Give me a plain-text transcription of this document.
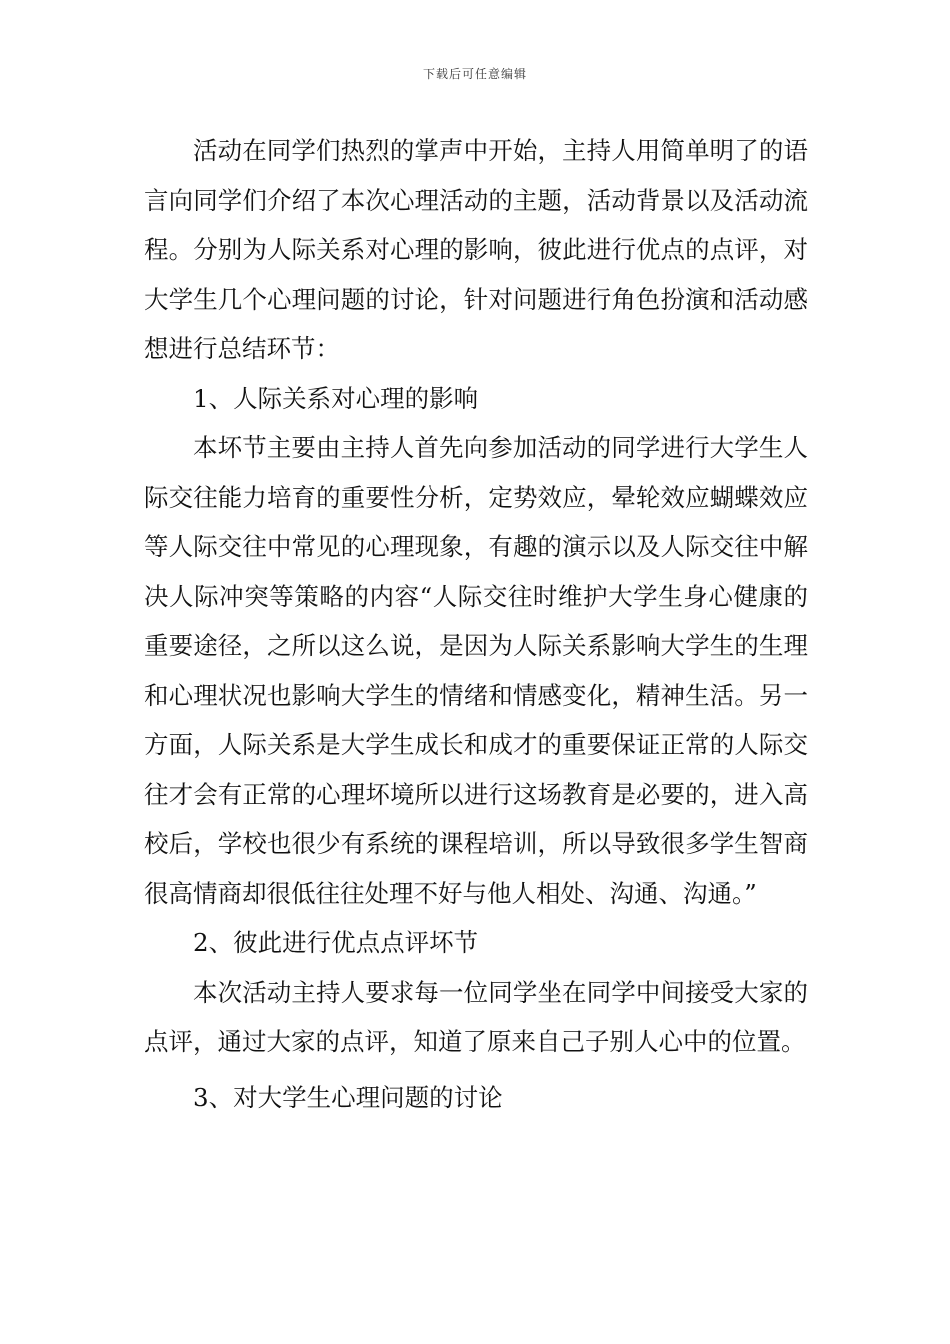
下载后可任意编辑

活动在同学们热烈的掌声中开始，主持人用简单明了的语言向同学们介绍了本次心理活动的主题，活动背景以及活动流程。分别为人际关系对心理的影响，彼此进行优点的点评，对大学生几个心理问题的讨论，针对问题进行角色扮演和活动感想进行总结环节：

1、人际关系对心理的影响

本坏节主要由主持人首先向参加活动的同学进行大学生人际交往能力培育的重要性分析，定势效应，晕轮效应蝴蝶效应等人际交往中常见的心理现象，有趣的演示以及人际交往中解决人际冲突等策略的内容“人际交往时维护大学生身心健康的重要途径，之所以这么说，是因为人际关系影响大学生的生理和心理状况也影响大学生的情绪和情感变化，精神生活。另一方面，人际关系是大学生成长和成才的重要保证正常的人际交往才会有正常的心理坏境所以进行这场教育是必要的，进入高校后，学校也很少有系统的课程培训，所以导致很多学生智商很高情商却很低往往处理不好与他人相处、沟通、沟通。”

2、彼此进行优点点评坏节

本次活动主持人要求每一位同学坐在同学中间接受大家的点评，通过大家的点评，知道了原来自己子别人心中的位置。

3、对大学生心理问题的讨论
